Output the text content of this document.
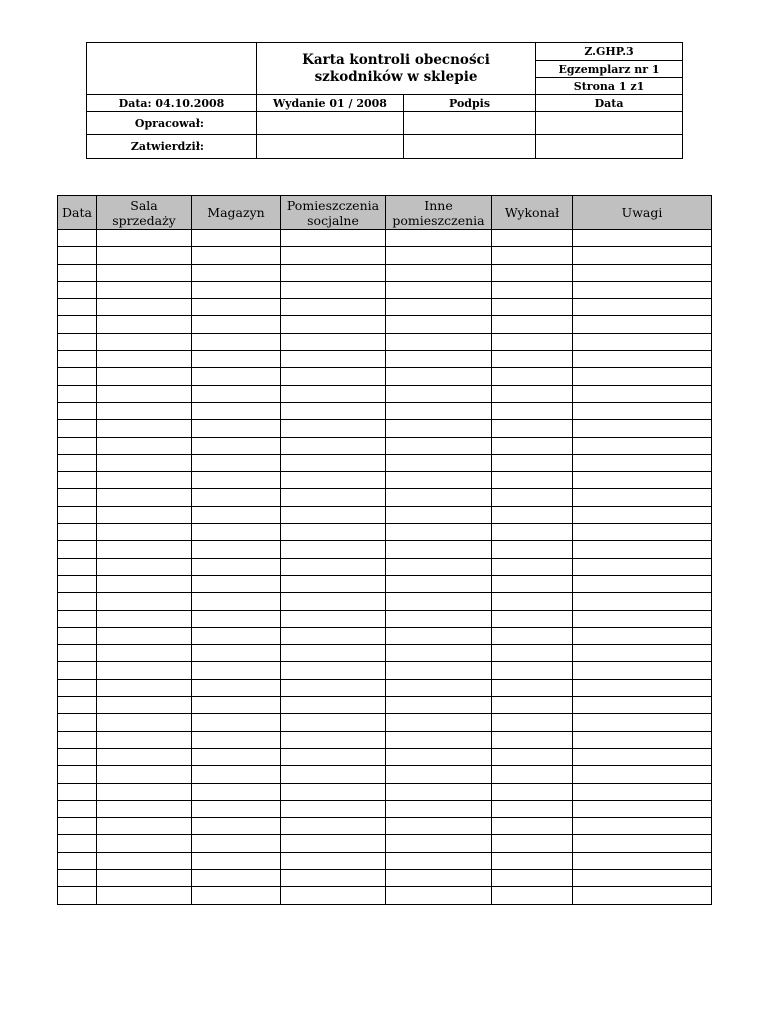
	Karta kontroli obecności szkodników w sklepie		Z.GHP.3
			Egzemplarz nr 1
			Strona 1 z1
Data: 04.10.2008	Wydanie 01 / 2008	Podpis	Data
Opracował:			
Zatwierdził:			
Data	Sala sprzedaży	Magazyn	Pomieszczenia socjalne	Inne pomieszczenia	Wykonał	Uwagi
